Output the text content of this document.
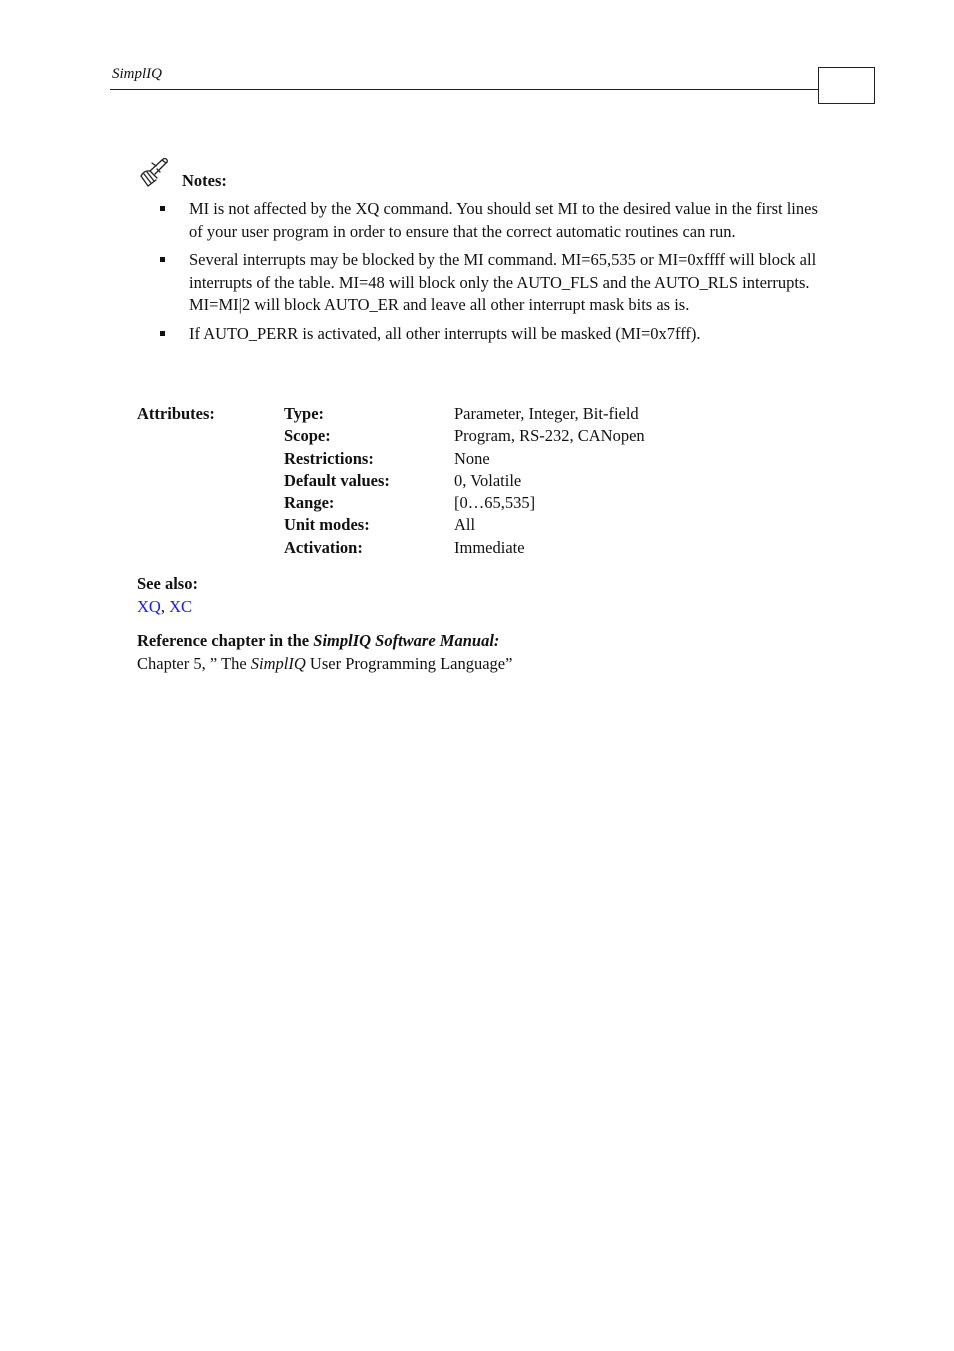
SimplIQ
Notes:
MI is not affected by the XQ command. You should set MI to the desired value in the first lines of your user program in order to ensure that the correct automatic routines can run.
Several interrupts may be blocked by the MI command. MI=65,535 or MI=0xffff will block all interrupts of the table. MI=48 will block only the AUTO_FLS and the AUTO_RLS interrupts. MI=MI|2 will block AUTO_ER and leave all other interrupt mask bits as is.
If AUTO_PERR is activated, all other interrupts will be masked (MI=0x7fff).
Attributes:	Type:	Parameter, Integer, Bit-field
Scope:	Program, RS-232, CANopen
Restrictions:	None
Default values:	0, Volatile
Range:	[0…65,535]
Unit modes:	All
Activation:	Immediate
See also:
XQ, XC
Reference chapter in the SimplIQ Software Manual:
Chapter 5, ” The SimplIQ User Programming Language”
